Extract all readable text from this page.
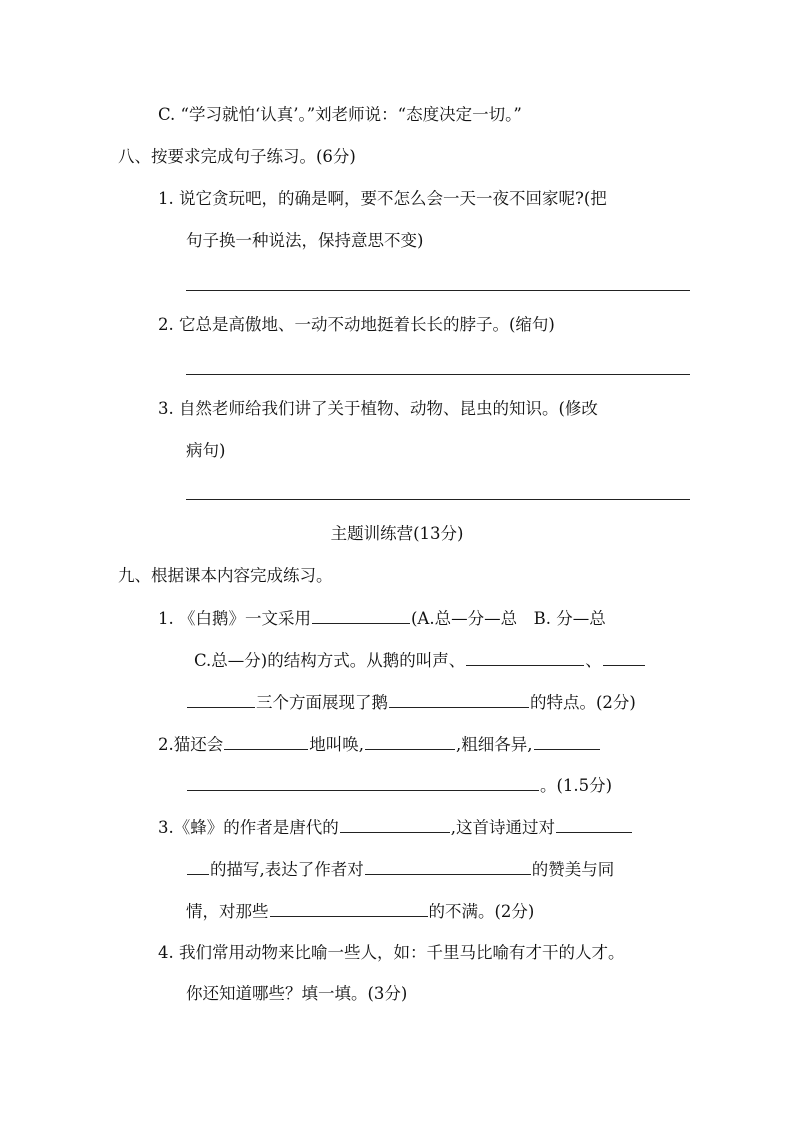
C. “学习就怕‘认真’。”刘老师说：“态度决定一切。”
八、按要求完成句子练习。(6分)
1. 说它贪玩吧，的确是啊，要不怎么会一天一夜不回家呢?(把
句子换一种说法，保持意思不变)
2. 它总是高傲地、一动不动地挺着长长的脖子。(缩句)
3. 自然老师给我们讲了关于植物、动物、昆虫的知识。(修改
病句)
主题训练营(13分)
九、根据课本内容完成练习。
1. 《白鹅》一文采用	(A.总—分—总　B. 分—总
C.总—分)的结构方式。从鹅的叫声、	、
三个方面展现了鹅	的特点。(2分)
2.猫还会	地叫唤,	,粗细各异,
。(1.5分)
3.《蜂》的作者是唐代的	,这首诗通过对
的描写,表达了作者对	的赞美与同
情，对那些	的不满。(2分)
4. 我们常用动物来比喻一些人，如：千里马比喻有才干的人才。
你还知道哪些？填一填。(3分)
